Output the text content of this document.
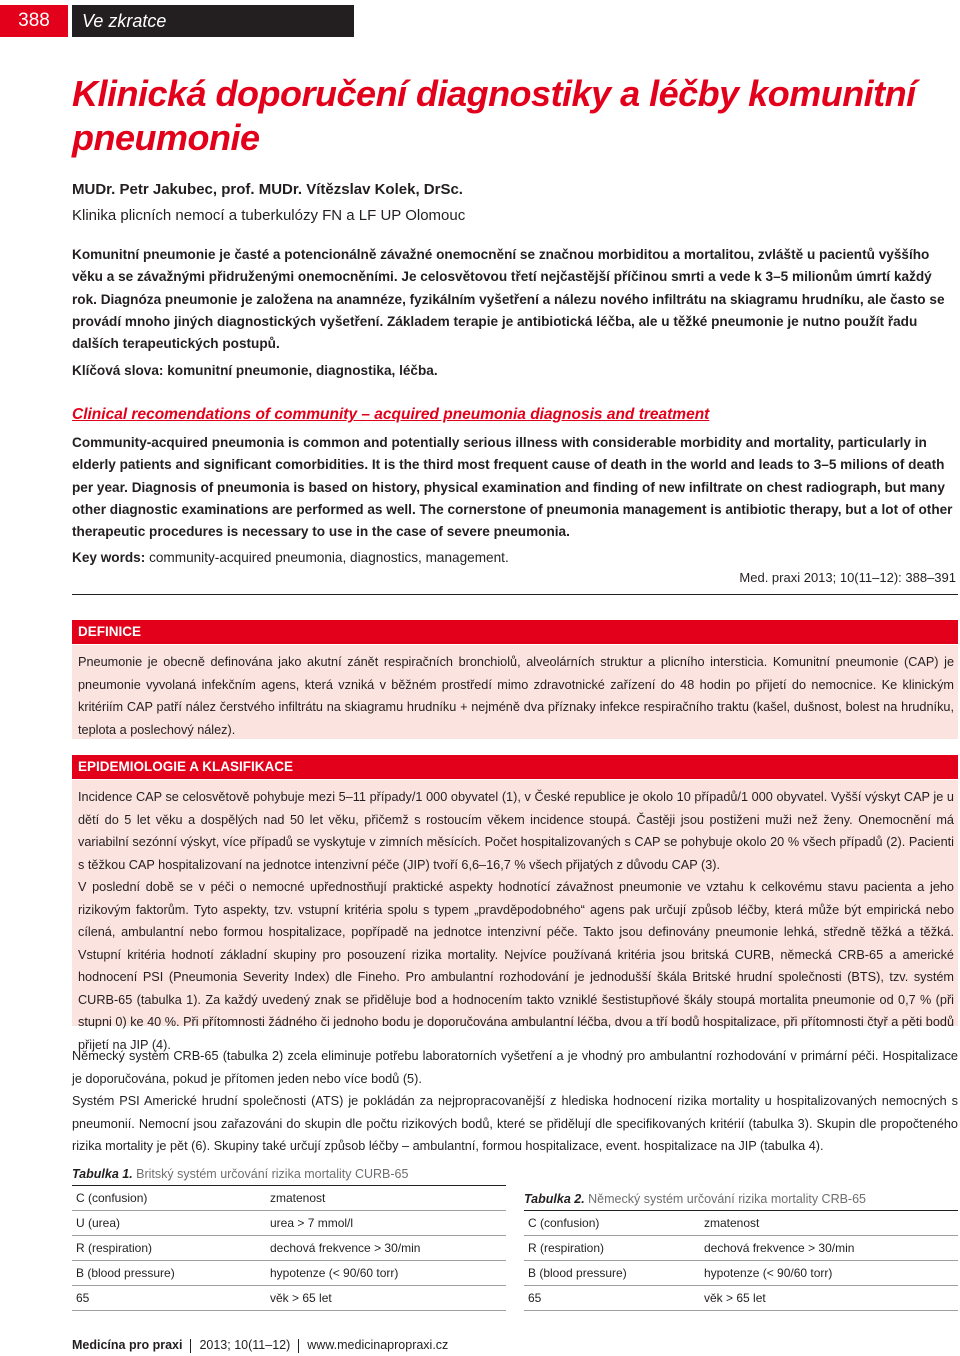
388	Ve zkratce
Klinická doporučení diagnostiky a léčby komunitní pneumonie
MUDr. Petr Jakubec, prof. MUDr. Vítězslav Kolek, DrSc.
Klinika plicních nemocí a tuberkulózy FN a LF UP Olomouc

Komunitní pneumonie je časté a potencionálně závažné onemocnění se značnou morbiditou a mortalitou, zvláště u pacientů vyššího věku a se závažnými přidruženými onemocněními. Je celosvětovou třetí nejčastější příčinou smrti a vede k 3–5 milionům úmrtí každý rok. Diagnóza pneumonie je založena na anamnéze, fyzikálním vyšetření a nálezu nového infiltrátu na skiagramu hrudníku, ale často se provádí mnoho jiných diagnostických vyšetření. Základem terapie je antibiotická léčba, ale u těžké pneumonie je nutno použít řadu dalších terapeutických postupů.

Klíčová slova: komunitní pneumonie, diagnostika, léčba.
Clinical recomendations of community – acquired pneumonia diagnosis and treatment

Community-acquired pneumonia is common and potentially serious illness with considerable morbidity and mortality, particularly in elderly patients and significant comorbidities. It is the third most frequent cause of death in the world and leads to 3–5 milions of death per year. Diagnosis of pneumonia is based on history, physical examination and finding of new infiltrate on chest radiograph, but many other diagnostic examinations are performed as well. The cornerstone of pneumonia management is antibiotic therapy, but a lot of other therapeutic procedures is necessary to use in the case of severe pneumonia.

Key words: community-acquired pneumonia, diagnostics, management.
Med. praxi 2013; 10(11–12): 388–391
DEFINICE

Pneumonie je obecně definována jako akutní zánět respiračních bronchiolů, alveolárních struktur a plicního intersticia. Komunitní pneumonie (CAP) je pneumonie vyvolaná infekčním agens, která vzniká v běžném prostředí mimo zdravotnické zařízení do 48 hodin po přijetí do nemocnice. Ke klinickým kritériím CAP patří nález čerstvého infiltrátu na skiagramu hrudníku + nejméně dva příznaky infekce respiračního traktu (kašel, dušnost, bolest na hrudníku, teplota a poslechový nález).

EPIDEMIOLOGIE A KLASIFIKACE

Incidence CAP se celosvětově pohybuje mezi 5–11 případy/1 000 obyvatel (1), v České republice je okolo 10 případů/1 000 obyvatel. Vyšší výskyt CAP je u dětí do 5 let věku a dospělých nad 50 let věku, přičemž s rostoucím věkem incidence stoupá. Častěji jsou postiženi muži než ženy. Onemocnění má variabilní sezónní výskyt, více případů se vyskytuje v zimních měsících. Počet hospitalizovaných s CAP se pohybuje okolo 20 % všech případů (2). Pacienti s těžkou CAP hospitalizovaní na jednotce intenzivní péče (JIP) tvoří 6,6–16,7 % všech přijatých z důvodu CAP (3).

V poslední době se v péči o nemocné upřednostňují praktické aspekty hodnotící závažnost pneumonie ve vztahu k celkovému stavu pacienta a jeho rizikovým faktorům. Tyto aspekty, tzv. vstupní kritéria spolu s typem „pravděpodobného“ agens pak určují způsob léčby, která může být empirická nebo cílená, ambulantní nebo formou hospitalizace, popřípadě na jednotce intenzivní péče. Takto jsou definovány pneumonie lehká, středně těžká a těžká. Vstupní kritéria hodnotí základní skupiny pro posouzení rizika mortality. Nejvíce používaná kritéria jsou britská CURB, německá CRB-65 a americké hodnocení PSI (Pneumonia Severity Index) dle Fineho. Pro ambulantní rozhodování je jednodušší škála Britské hrudní společnosti (BTS), tzv. systém CURB-65 (tabulka 1). Za každý uvedený znak se přiděluje bod a hodnocením takto vzniklé šestistupňové škály stoupá mortalita pneumonie od 0,7 % (při stupni 0) ke 40 %. Při přítomnosti žádného či jednoho bodu je doporučována ambulantní léčba, dvou a tří bodů hospitalizace, při přítomnosti čtyř a pěti bodů přijetí na JIP (4).

Německý systém CRB-65 (tabulka 2) zcela eliminuje potřebu laboratorních vyšetření a je vhodný pro ambulantní rozhodování v primární péči. Hospitalizace je doporučována, pokud je přítomen jeden nebo více bodů (5).

Systém PSI Americké hrudní společnosti (ATS) je pokládán za nejpropracovanější z hlediska hodnocení rizika mortality u hospitalizovaných nemocných s pneumonií. Nemocní jsou zařazováni do skupin dle počtu rizikových bodů, které se přidělují dle specifikovaných kritérií (tabulka 3). Skupin dle propočteného rizika mortality je pět (6). Skupiny také určují způsob léčby – ambulantní, formou hospitalizace, event. hospitalizace na JIP (tabulka 4).

Tabulka 1. Britský systém určování rizika mortality CURB-65
C (confusion)	zmatenost
U (urea)	urea > 7 mmol/l
R (respiration)	dechová frekvence > 30/min
B (blood pressure)	hypotenze (< 90/60 torr)
65	věk > 65 let
Tabulka 2. Německý systém určování rizika mortality CRB-65
C (confusion)	zmatenost
R (respiration)	dechová frekvence > 30/min
B (blood pressure)	hypotenze (< 90/60 torr)
65	věk > 65 let
Medicína pro praxi 2013; 10(11–12) www.medicinapropraxi.cz
